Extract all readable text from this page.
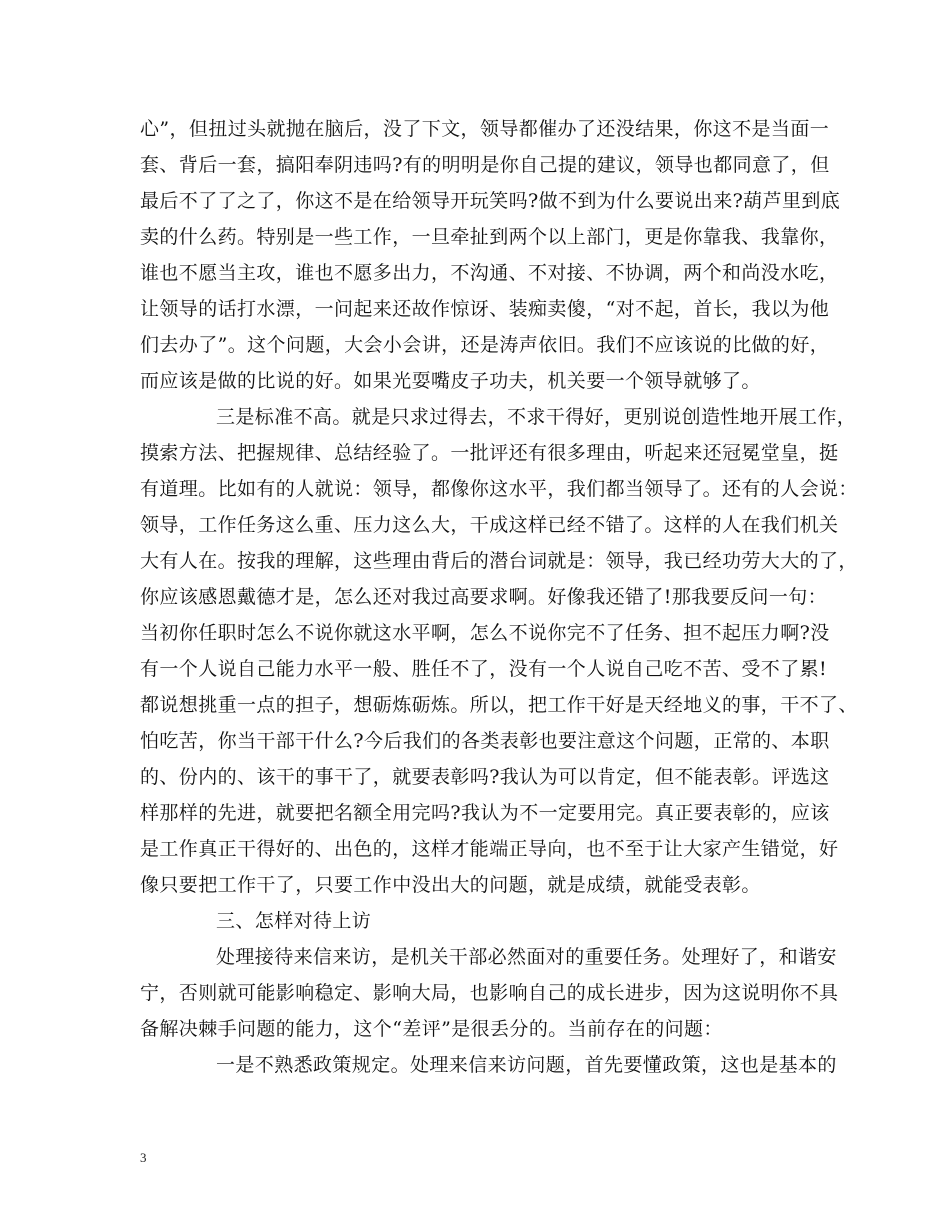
心”，但扭过头就抛在脑后，没了下文，领导都催办了还没结果，你这不是当面一
套、背后一套，搞阳奉阴违吗?有的明明是你自己提的建议，领导也都同意了，但
最后不了了之了，你这不是在给领导开玩笑吗?做不到为什么要说出来?葫芦里到底
卖的什么药。特别是一些工作，一旦牵扯到两个以上部门，更是你靠我、我靠你，
谁也不愿当主攻，谁也不愿多出力，不沟通、不对接、不协调，两个和尚没水吃，
让领导的话打水漂，一问起来还故作惊讶、装痴卖傻，“对不起，首长，我以为他
们去办了”。这个问题，大会小会讲，还是涛声依旧。我们不应该说的比做的好，
而应该是做的比说的好。如果光耍嘴皮子功夫，机关要一个领导就够了。
三是标准不高。就是只求过得去，不求干得好，更别说创造性地开展工作，
摸索方法、把握规律、总结经验了。一批评还有很多理由，听起来还冠冕堂皇，挺
有道理。比如有的人就说：领导，都像你这水平，我们都当领导了。还有的人会说：
领导，工作任务这么重、压力这么大，干成这样已经不错了。这样的人在我们机关
大有人在。按我的理解，这些理由背后的潜台词就是：领导，我已经功劳大大的了，
你应该感恩戴德才是，怎么还对我过高要求啊。好像我还错了!那我要反问一句：
当初你任职时怎么不说你就这水平啊，怎么不说你完不了任务、担不起压力啊?没
有一个人说自己能力水平一般、胜任不了，没有一个人说自己吃不苦、受不了累!
都说想挑重一点的担子，想砺炼砺炼。所以，把工作干好是天经地义的事，干不了、
怕吃苦，你当干部干什么?今后我们的各类表彰也要注意这个问题，正常的、本职
的、份内的、该干的事干了，就要表彰吗?我认为可以肯定，但不能表彰。评选这
样那样的先进，就要把名额全用完吗?我认为不一定要用完。真正要表彰的，应该
是工作真正干得好的、出色的，这样才能端正导向，也不至于让大家产生错觉，好
像只要把工作干了，只要工作中没出大的问题，就是成绩，就能受表彰。
三、怎样对待上访
处理接待来信来访，是机关干部必然面对的重要任务。处理好了，和谐安
宁，否则就可能影响稳定、影响大局，也影响自己的成长进步，因为这说明你不具
备解决棘手问题的能力，这个“差评”是很丢分的。当前存在的问题：
一是不熟悉政策规定。处理来信来访问题，首先要懂政策，这也是基本的
3
